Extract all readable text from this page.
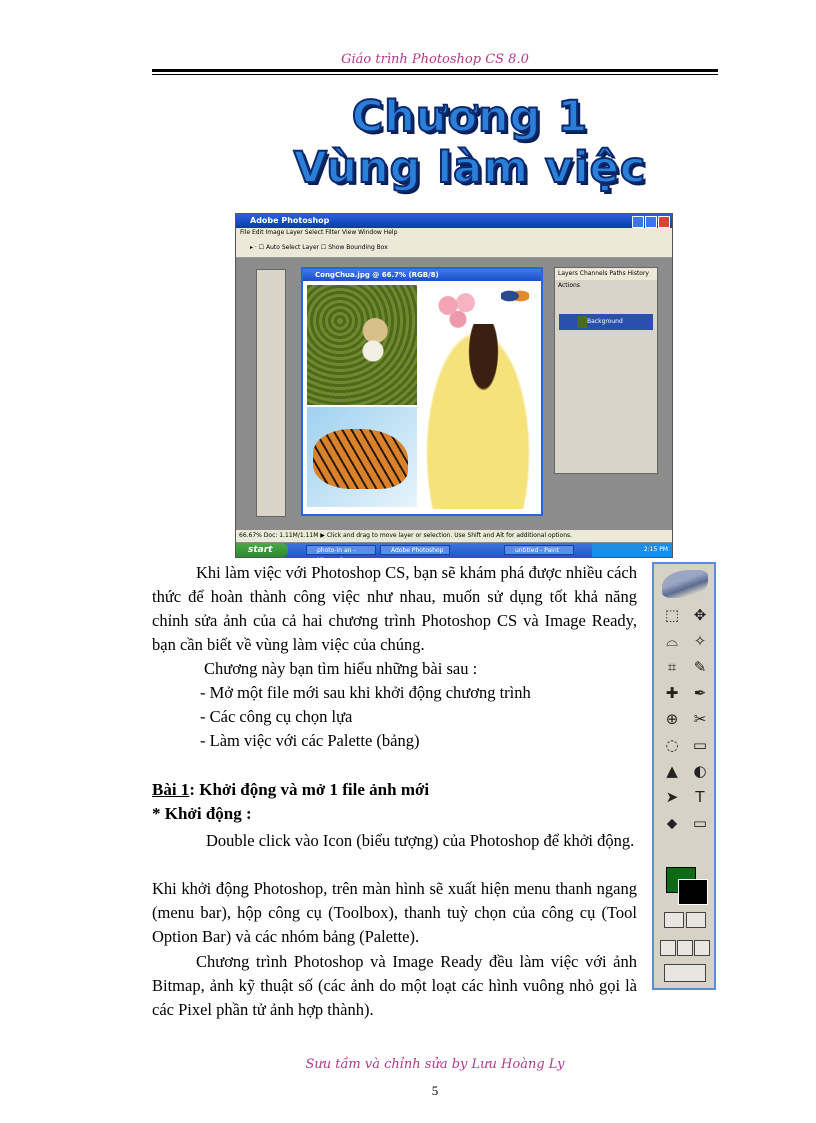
Giáo trình Photoshop CS 8.0
Chương 1
Vùng làm việc
Adobe Photoshop
File Edit Image Layer Select Filter View Window Help
▸ · ☐ Auto Select Layer ☐ Show Bounding Box
CongChua.jpg @ 66.7% (RGB/8)	Layers Channels Paths History Actions
Background
66.67% Doc: 1.11M/1.11M ▶ Click and drag to move layer or selection. Use Shift and Alt for additional options.
start	photo-in an - Microsof...
Adobe Photoshop	untitled - Paint	2:15 PM
Khi làm việc với Photoshop CS, bạn sẽ khám phá được nhiều cách thức để hoàn thành công việc như nhau, muốn sử dụng tốt khả năng chỉnh sửa ảnh của cả hai chương trình Photoshop CS và Image Ready, bạn cần biết về vùng làm việc của chúng.
Chương này bạn tìm hiểu những bài sau :
- Mở một file mới sau khi khởi động chương trình
- Các công cụ chọn lựa
- Làm việc với các Palette (bảng)
Bài 1: Khởi động và mở 1 file ảnh mới
* Khởi động :
Double click vào Icon (biểu tượng) của Photoshop để khởi động.
Khi khởi động Photoshop, trên màn hình sẽ xuất hiện menu thanh ngang (menu bar), hộp công cụ (Toolbox), thanh tuỳ chọn của công cụ (Tool Option Bar) và các nhóm bảng (Palette).
Chương trình Photoshop và Image Ready đều làm việc với ảnh Bitmap, ảnh kỹ thuật số (các ảnh do một loạt các hình vuông nhỏ gọi là các Pixel phần tử ảnh hợp thành).
⬚ ✥
⌓	✧
⌗	✎
✚	✒
⊕	✂
◌ ▭
▲	◐
➤	T
⬥	▭
Sưu tầm và chỉnh sửa by Lưu Hoàng Ly
5
